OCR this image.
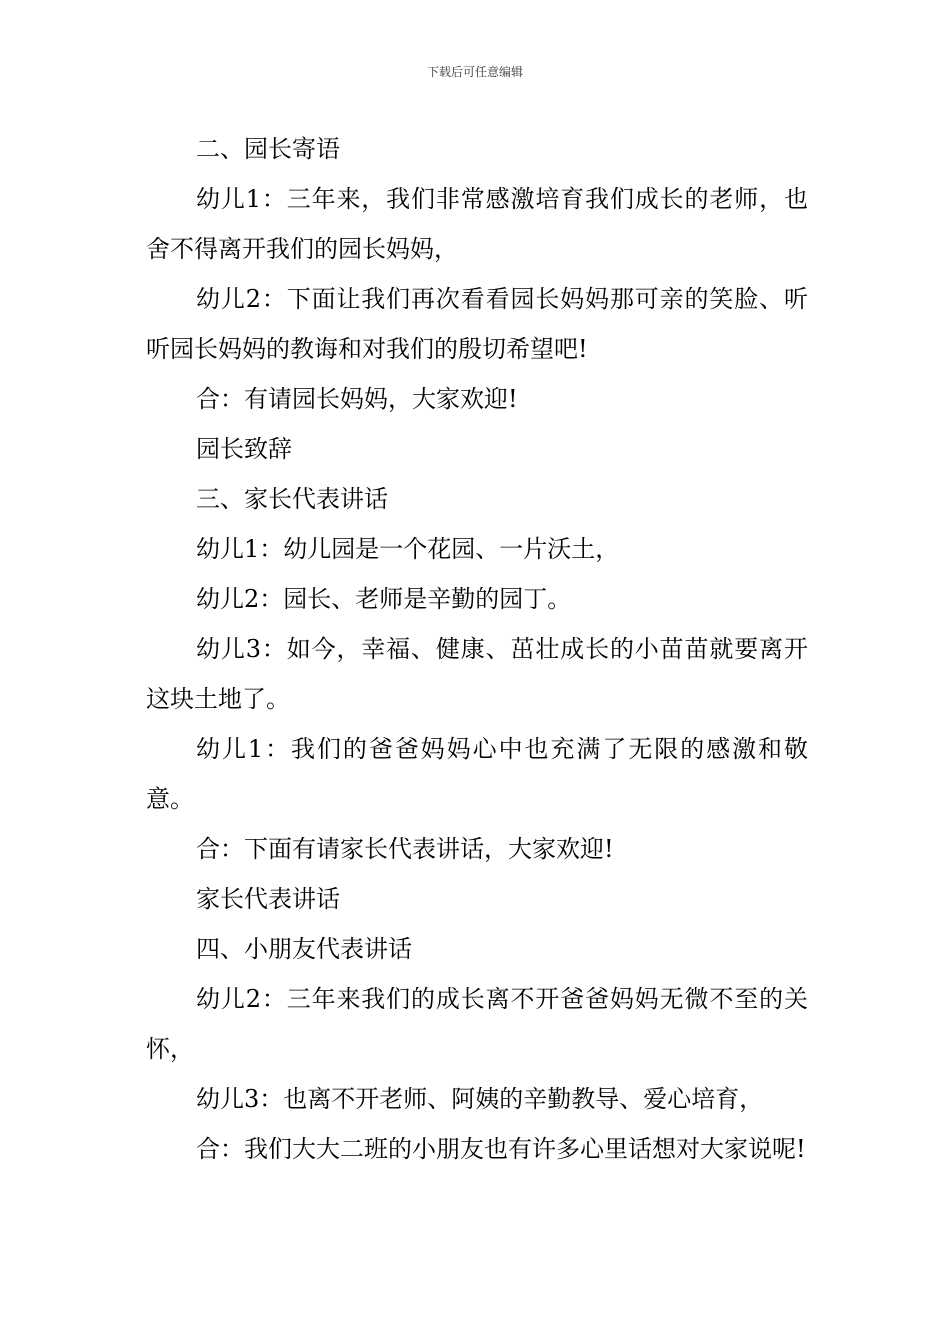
下载后可任意编辑

二、园长寄语

幼儿1：三年来，我们非常感激培育我们成长的老师，也舍不得离开我们的园长妈妈，

幼儿2：下面让我们再次看看园长妈妈那可亲的笑脸、听听园长妈妈的教诲和对我们的殷切希望吧!

合：有请园长妈妈，大家欢迎!

园长致辞

三、家长代表讲话

幼儿1：幼儿园是一个花园、一片沃土，

幼儿2：园长、老师是辛勤的园丁。

幼儿3：如今，幸福、健康、茁壮成长的小苗苗就要离开这块土地了。

幼儿1：我们的爸爸妈妈心中也充满了无限的感激和敬意。

合：下面有请家长代表讲话，大家欢迎!

家长代表讲话

四、小朋友代表讲话

幼儿2：三年来我们的成长离不开爸爸妈妈无微不至的关怀，

幼儿3：也离不开老师、阿姨的辛勤教导、爱心培育，

合：我们大大二班的小朋友也有许多心里话想对大家说呢!
